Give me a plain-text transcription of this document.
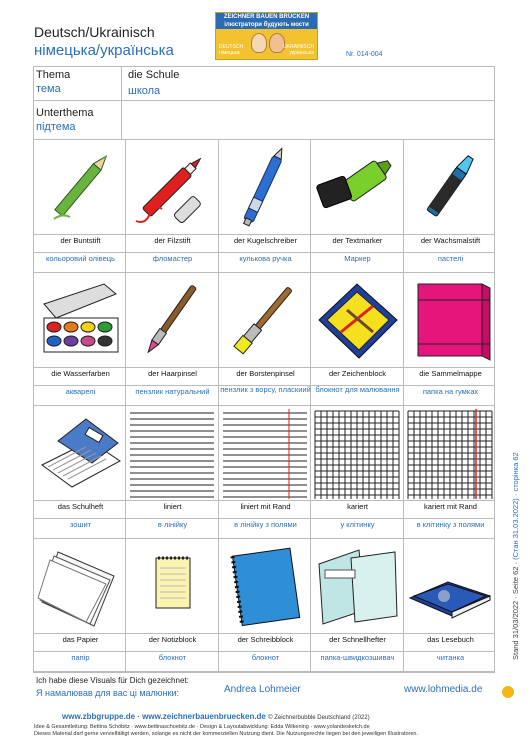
Deutsch/Ukrainisch
німецька/українська
ZEICHNER BAUEN BRÜCKEN
ілюстратори будують мости
DEUTSCH
німецька
UKRAINISCH
українська	Nr. 014-004
Thema
тема
die Schule
школа
Unterthema
підтема
der Buntstift
кольоровий олівець
der Filzstift
фломастер
der Kugelschreiber
кулькова ручка
der Textmarker
Маркер
der Wachsmalstift
пастелі
die Wasserfarben
акварелі
der Haarpinsel
пензлик натуральний
der Borstenpinsel
пензлик з ворсу, пласкиий
der Zeichenblock
блокнот для малювання
die Sammelmappe
папка на гумках
das Schulheft
зошит
liniert
в лінійку
liniert mit Rand
в лінійку з полями
kariert
у клітинку
kariert mit Rand
в клітинку з полями
das Papier
папір
der Notizblock
блокнот
der Schreibblock
блокнот
der Schnellhefter
папка-швидкозшивач
das Lesebuch
читанка
Ich habe diese Visuals für Dich gezeichnet:
Я намалював для вас ці малюнки:	Andrea Lohmeier	www.lohmedia.de
www.zbbgruppe.de · www.zeichnerbauenbruecken.de © Zeichnerbubble Deutschland (2022)
Idee & Gesamtleitung: Bettina Schöbitz · www.bettinaschoebitz.de · Design & Layoutabwicklung: Edda Wilkening · www.yolandesketch.de
Dieses Material darf gerne vervielfältigt werden, solange es nicht der kommerziellen Nutzung dient. Die Nutzungsrechte liegen bei den jeweiligen Illustratoren.
Stand 31/03/2022 · Seite 62 · (Стан 31.03.2022) · сторінка 62
